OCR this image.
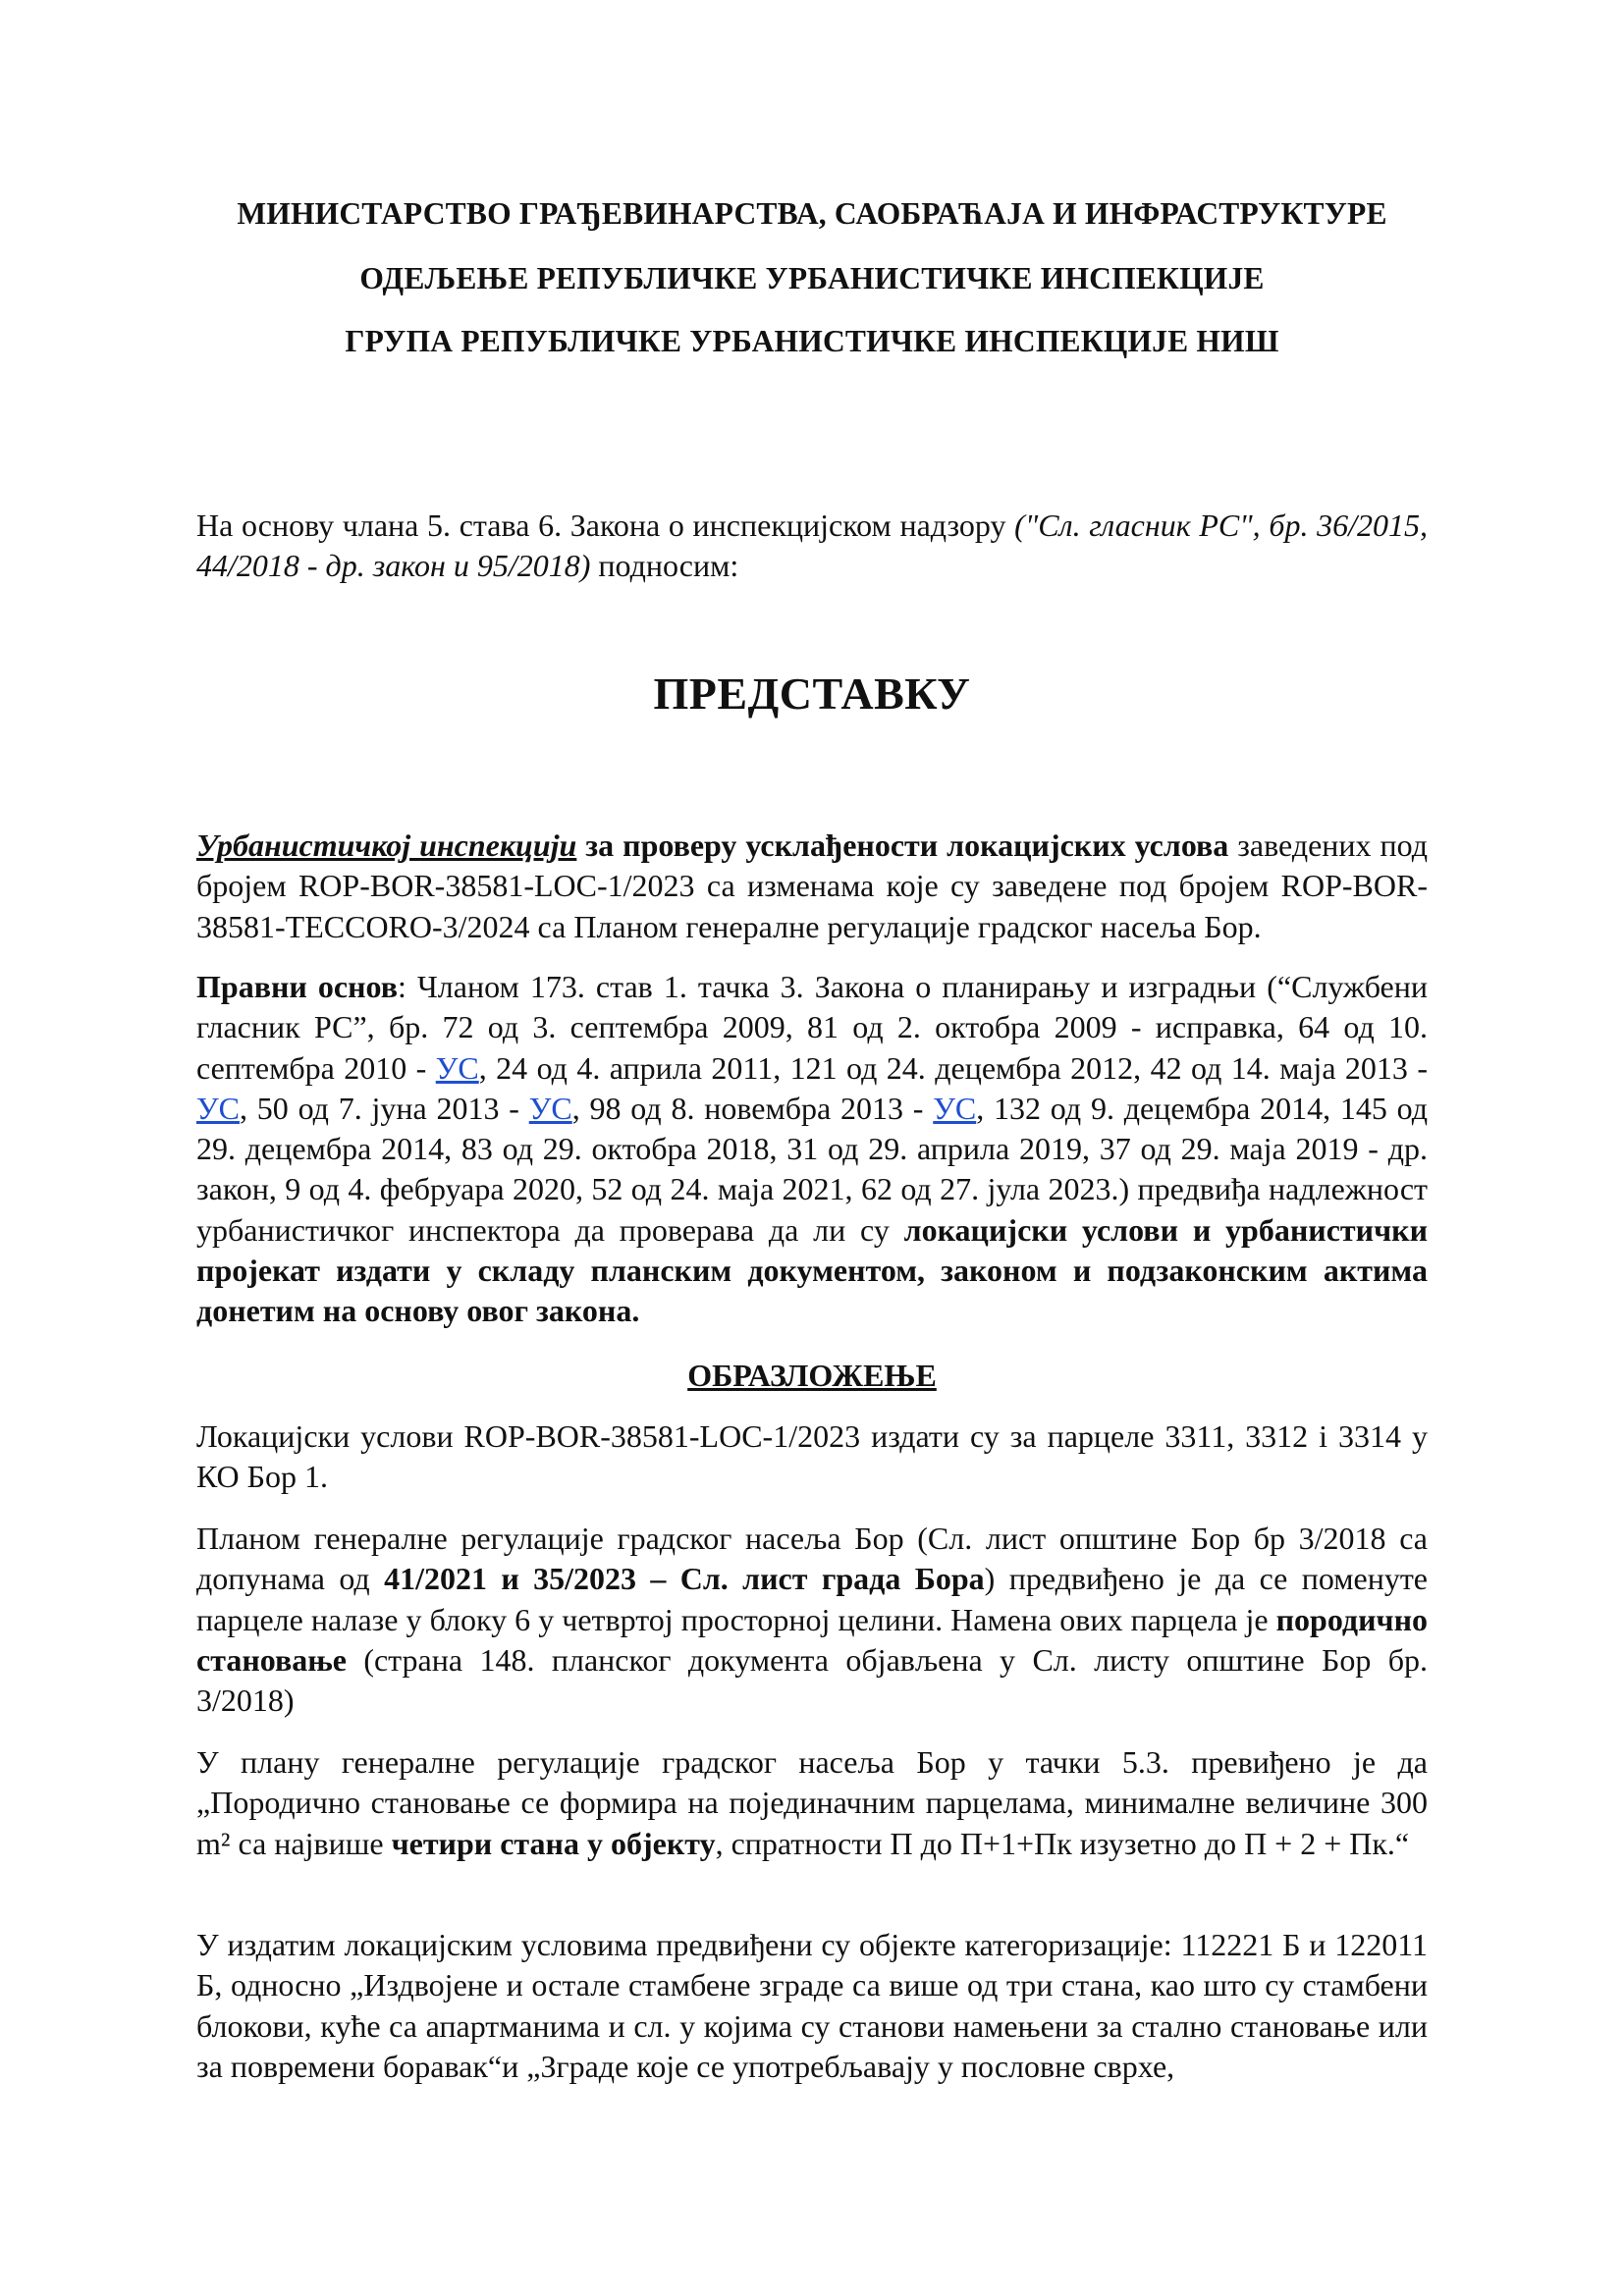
МИНИСТАРСТВО ГРАЂЕВИНАРСТВА, САОБРАЋАЈА И ИНФРАСТРУКТУРЕ
ОДЕЉЕЊЕ РЕПУБЛИЧКЕ УРБАНИСТИЧКЕ ИНСПЕКЦИЈЕ
ГРУПА РЕПУБЛИЧКЕ УРБАНИСТИЧКЕ ИНСПЕКЦИЈЕ НИШ
На основу члана 5. става 6. Закона о инспекцијском надзору ("Сл. гласник РС", бр. 36/2015, 44/2018 - др. закон и 95/2018) подносим:
ПРЕДСТАВКУ
Урбанистичкој инспекцији за проверу усклађености локацијских услова заведених под бројем ROP-BOR-38581-LOC-1/2023 са изменама које су заведене под бројем ROP-BOR-38581-TECCORO-3/2024 са Планом генералне регулације градског насеља Бор.
Правни основ: Чланом 173. став 1. тачка 3. Закона о планирању и изградњи (“Службени гласник РС”, бр. 72 од 3. септембра 2009, 81 од 2. октобра 2009 - исправка, 64 од 10. септембра 2010 - УС, 24 од 4. априла 2011, 121 од 24. децембра 2012, 42 од 14. маја 2013 - УС, 50 од 7. јуна 2013 - УС, 98 од 8. новембра 2013 - УС, 132 од 9. децембра 2014, 145 од 29. децембра 2014, 83 од 29. октобра 2018, 31 од 29. априла 2019, 37 од 29. маја 2019 - др. закон, 9 од 4. фебруара 2020, 52 од 24. маја 2021, 62 од 27. јула 2023.) предвиђа надлежност урбанистичког инспектора да проверава да ли су локацијски услови и урбанистички пројекат издати у складу планским документом, законом и подзаконским актима донетим на основу овог закона.
ОБРАЗЛОЖЕЊЕ
Локацијски услови ROP-BOR-38581-LOC-1/2023 издати су за парцеле 3311, 3312 і 3314 у КО Бор 1.
Планом генералне регулације градског насеља Бор (Сл. лист општине Бор бр 3/2018 са допунама од 41/2021 и 35/2023 – Сл. лист града Бора) предвиђено је да се поменуте парцеле налазе у блоку 6 у четвртој просторној целини. Намена ових парцела је породично становање (страна 148. планског документа објављена у Сл. листу општине Бор бр. 3/2018)
У плану генералне регулације градског насеља Бор у тачки 5.3. превиђено је да „Породично становање се формира на појединачним парцелама, минималне величине 300 m² са највише четири стана у објекту, спратности П до П+1+Пк изузетно до П + 2 + Пк.“
У издатим локацијским условима предвиђени су објекте категоризације: 112221 Б и 122011 Б, односно „Издвојене и остале стамбене зграде са више од три стана, као што су стамбени блокови, куће са апартманима и сл. у којима су станови намењени за стално становање или за повремени боравак“и „Зграде које се употребљавају у пословне сврхе,
